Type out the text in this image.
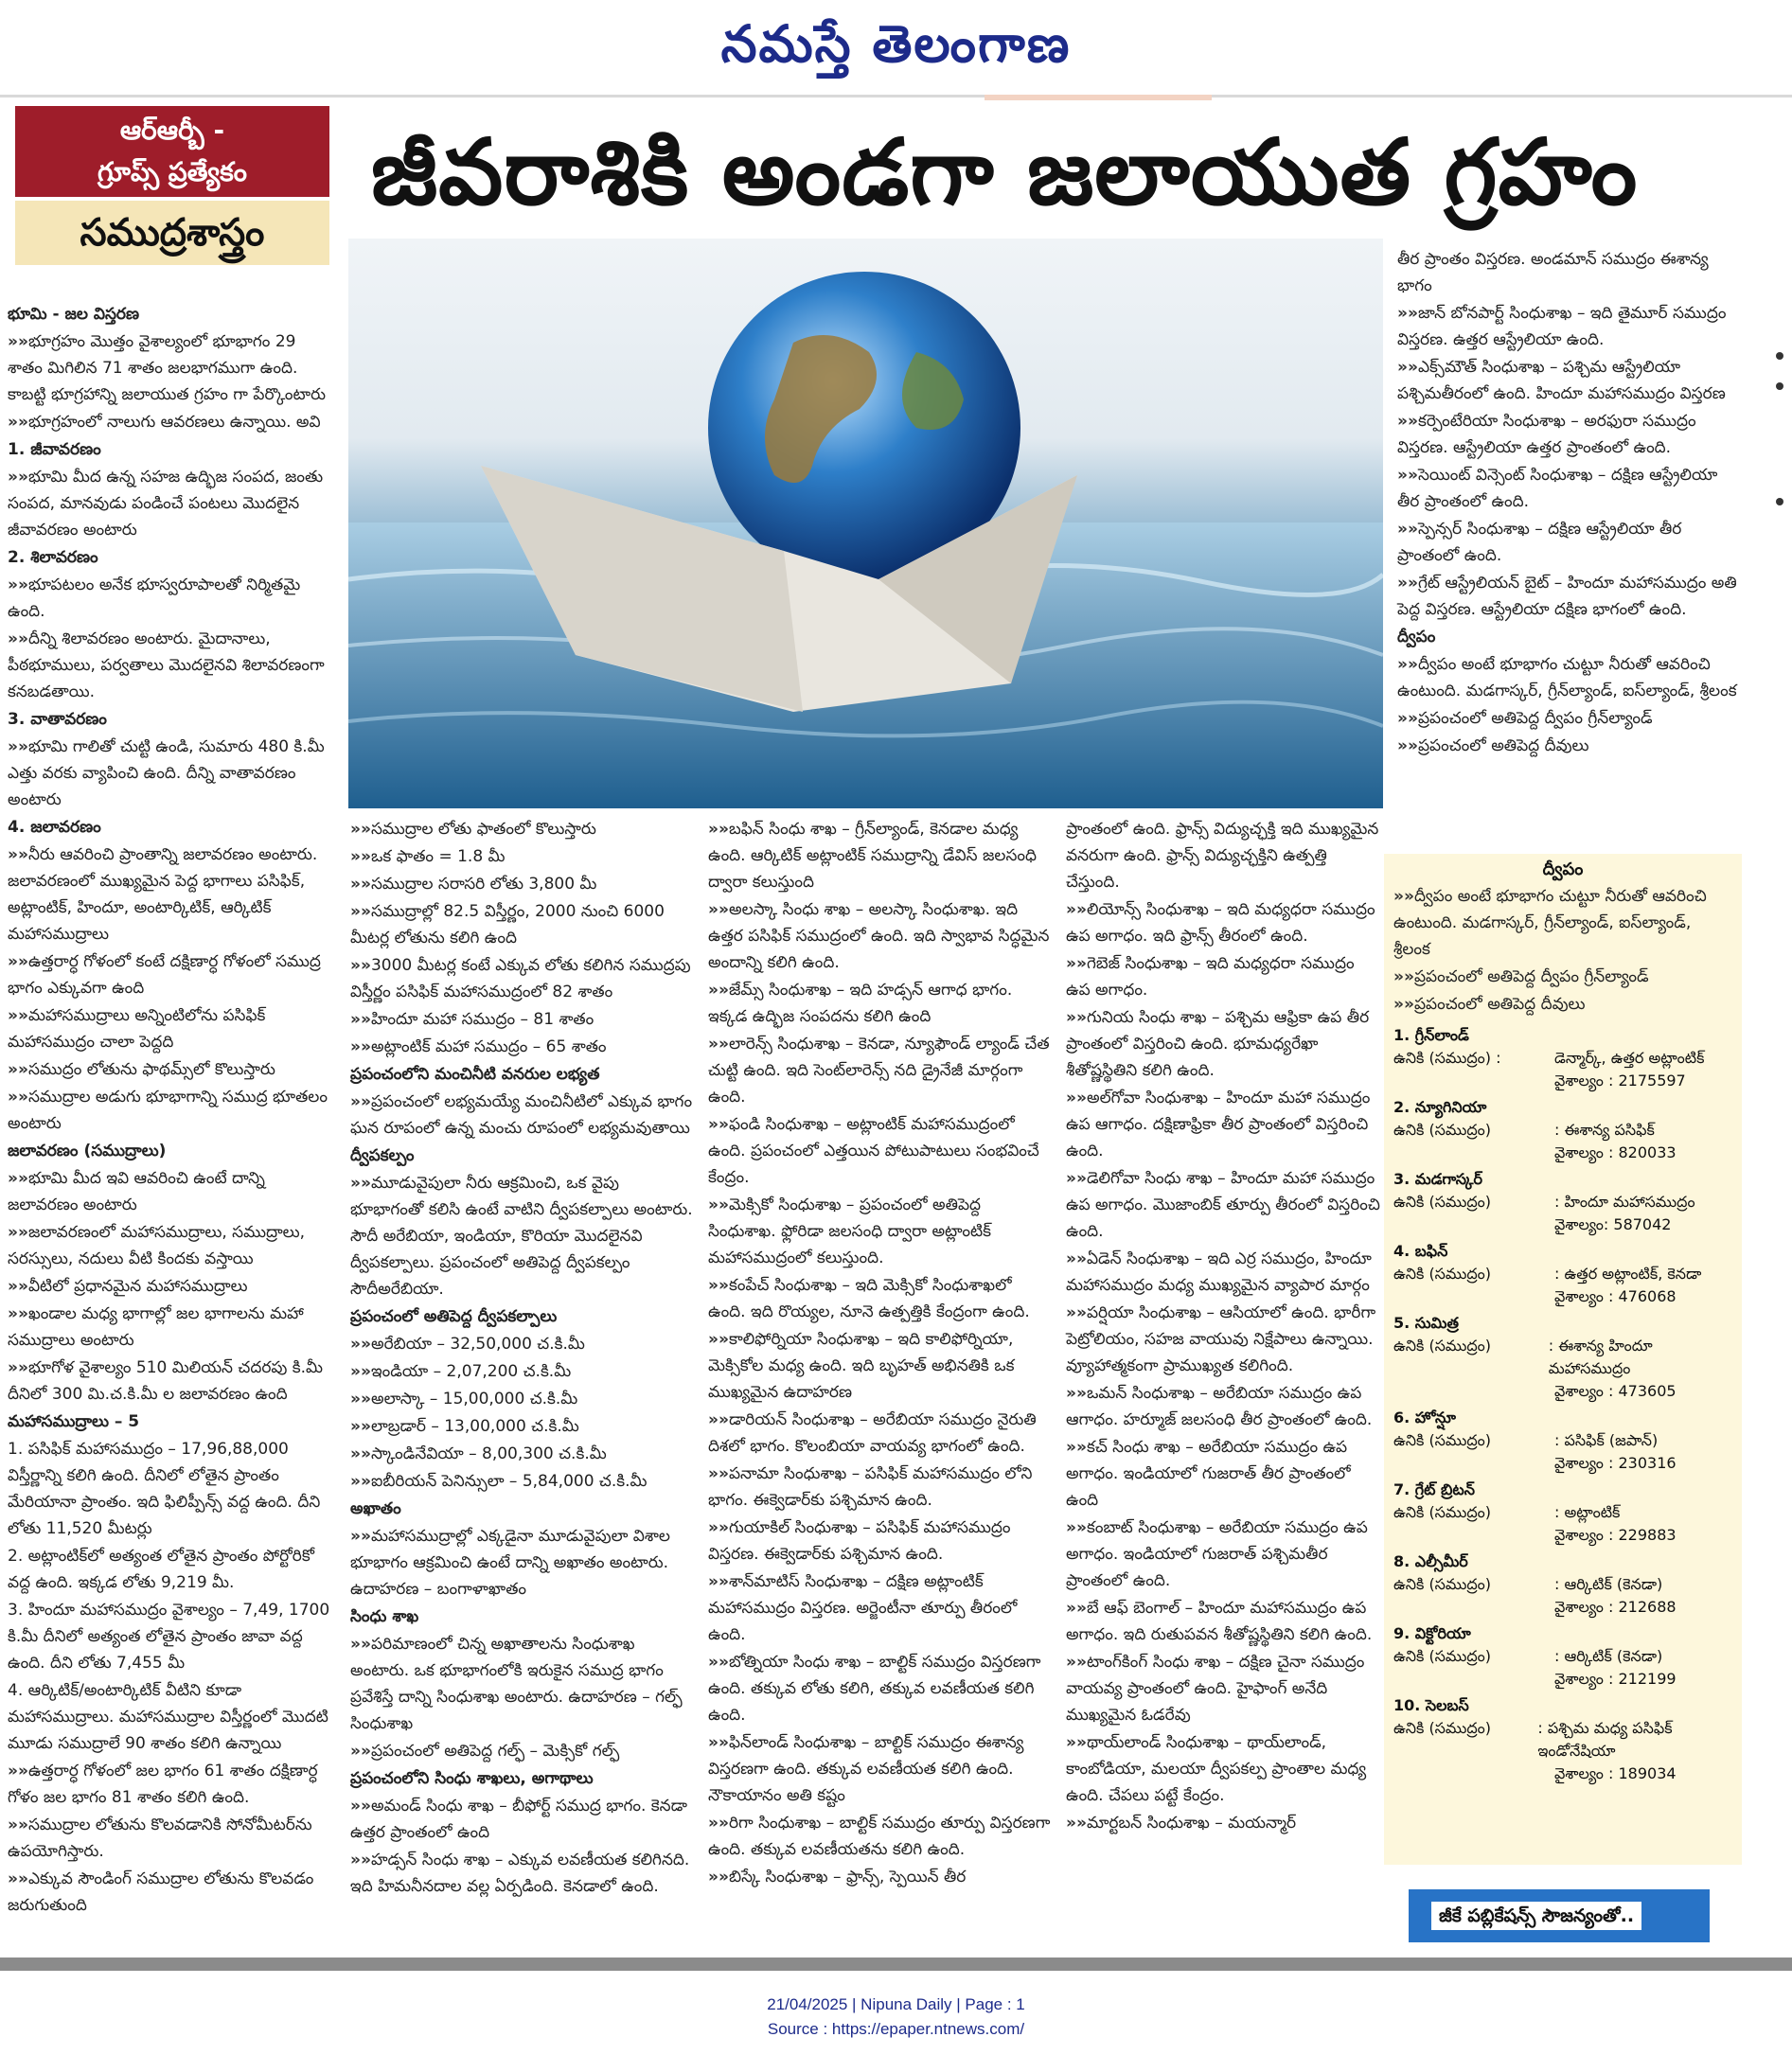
నమస్తే తెలంగాణ
ఆర్ఆర్బీ -
గ్రూప్స్ ప్రత్యేకం
సముద్రశాస్త్రం
జీవరాశికి అండగా జలాయుత గ్రహం

భూమి - జల విస్తరణ

»» భూగ్రహం మొత్తం వైశాల్యంలో భూభాగం 29 శాతం మిగిలిన 71 శాతం జలభాగముగా ఉంది. కాబట్టి భూగ్రహాన్ని జలాయుత గ్రహం గా పేర్కొంటారు

»» భూగ్రహంలో నాలుగు ఆవరణలు ఉన్నాయి. అవి

1. జీవావరణం

»» భూమి మీద ఉన్న సహజ ఉద్భిజ సంపద, జంతు సంపద, మానవుడు పండించే పంటలు మొదలైన జీవావరణం అంటారు

2. శిలావరణం

»» భూపటలం అనేక భూస్వరూపాలతో నిర్మితమై ఉంది.

»» దీన్ని శిలావరణం అంటారు. మైదానాలు, పీఠభూములు, పర్వతాలు మొదలైనవి శిలావరణంగా కనబడతాయి.

3. వాతావరణం

»» భూమి గాలితో చుట్టి ఉండి, సుమారు 480 కి.మీ ఎత్తు వరకు వ్యాపించి ఉంది. దీన్ని వాతావరణం అంటారు

4. జలావరణం

»» నీరు ఆవరించి ప్రాంతాన్ని జలావరణం అంటారు. జలావరణంలో ముఖ్యమైన పెద్ద భాగాలు పసిఫిక్, అట్లాంటిక్, హిందూ, అంటార్కిటిక్, ఆర్కిటిక్ మహాసముద్రాలు

»» ఉత్తరార్ధ గోళంలో కంటే దక్షిణార్ధ గోళంలో సముద్ర భాగం ఎక్కువగా ఉంది

»» మహాసముద్రాలు అన్నింటిలోను పసిఫిక్ మహాసముద్రం చాలా పెద్దది

»» సముద్రం లోతును ఫాథమ్స్‌లో కొలుస్తారు

»» సముద్రాల అడుగు భూభాగాన్ని సముద్ర భూతలం అంటారు

జలావరణం (సముద్రాలు)

»» భూమి మీద ఇవి ఆవరించి ఉంటే దాన్ని జలావరణం అంటారు

»» జలావరణంలో మహాసముద్రాలు, సముద్రాలు, సరస్సులు, నదులు వీటి కిందకు వస్తాయి

»» వీటిలో ప్రధానమైన మహాసముద్రాలు

»» ఖండాల మధ్య భాగాల్లో జల భాగాలను మహా సముద్రాలు అంటారు

»» భూగోళ వైశాల్యం 510 మిలియన్ చదరపు కి.మీ దీనిలో 300 మి.చ.కి.మీ ల జలావరణం ఉంది

మహాసముద్రాలు – 5

1. పసిఫిక్ మహాసముద్రం – 17,96,88,000 విస్తీర్ణాన్ని కలిగి ఉంది. దీనిలో లోతైన ప్రాంతం మేరియానా ప్రాంతం. ఇది ఫిలిప్పీన్స్ వద్ద ఉంది. దీని లోతు 11,520 మీటర్లు

2. అట్లాంటిక్‌లో అత్యంత లోతైన ప్రాంతం పోర్టోరికో వద్ద ఉంది. ఇక్కడ లోతు 9,219 మీ.

3. హిందూ మహాసముద్రం వైశాల్యం – 7,49, 1700 కి.మీ దీనిలో అత్యంత లోతైన ప్రాంతం జావా వద్ద ఉంది. దీని లోతు 7,455 మీ

4. ఆర్కిటిక్/అంటార్కిటిక్ వీటిని కూడా మహాసముద్రాలు. మహాసముద్రాల విస్తీర్ణంలో మొదటి మూడు సముద్రాలే 90 శాతం కలిగి ఉన్నాయి

»» ఉత్తరార్ధ గోళంలో జల భాగం 61 శాతం దక్షిణార్ధ గోళం జల భాగం 81 శాతం కలిగి ఉంది.

»» సముద్రాల లోతును కొలవడానికి సోనోమీటర్‌ను ఉపయోగిస్తారు.

»» ఎక్కువ సౌండింగ్ సముద్రాల లోతును కొలవడం జరుగుతుంది

»» సముద్రాల లోతు ఫాతంలో కొలుస్తారు

»» ఒక ఫాతం = 1.8 మీ

»» సముద్రాల సరాసరి లోతు 3,800 మీ

»» సముద్రాల్లో 82.5 విస్తీర్ణం, 2000 నుంచి 6000 మీటర్ల లోతును కలిగి ఉంది

»» 3000 మీటర్ల కంటే ఎక్కువ లోతు కలిగిన సముద్రపు విస్తీర్ణం పసిఫిక్ మహాసముద్రంలో 82 శాతం

»» హిందూ మహా సముద్రం – 81 శాతం

»» అట్లాంటిక్ మహా సముద్రం – 65 శాతం

ప్రపంచంలోని మంచినీటి వనరుల లభ్యత

»» ప్రపంచంలో లభ్యమయ్యే మంచినీటిలో ఎక్కువ భాగం ఘన రూపంలో ఉన్న మంచు రూపంలో లభ్యమవుతాయి

ద్వీపకల్పం

»» మూడువైపులా నీరు ఆక్రమించి, ఒక వైపు భూభాగంతో కలిసి ఉంటే వాటిని ద్వీపకల్పాలు అంటారు. సౌదీ అరేబియా, ఇండియా, కొరియా మొదలైనవి ద్వీపకల్పాలు. ప్రపంచంలో అతిపెద్ద ద్వీపకల్పం సౌదీఅరేబియా.

ప్రపంచంలో అతిపెద్ద ద్వీపకల్పాలు

»» అరేబియా – 32,50,000 చ.కి.మీ

»» ఇండియా – 2,07,200 చ.కి.మీ

»» అలాస్కా – 15,00,000 చ.కి.మీ

»» లాబ్రడార్ – 13,00,000 చ.కి.మీ

»» స్కాండినేవియా – 8,00,300 చ.కి.మీ

»» ఐబీరియన్ పెనిన్సులా – 5,84,000 చ.కి.మీ

అఖాతం

»» మహాసముద్రాల్లో ఎక్కడైనా మూడువైపులా విశాల భూభాగం ఆక్రమించి ఉంటే దాన్ని అఖాతం అంటారు. ఉదాహరణ – బంగాళాఖాతం

సింధు శాఖ

»» పరిమాణంలో చిన్న అఖాతాలను సింధుశాఖ అంటారు. ఒక భూభాగంలోకి ఇరుకైన సముద్ర భాగం ప్రవేశిస్తే దాన్ని సింధుశాఖ అంటారు. ఉదాహరణ – గల్ఫ్ సింధుశాఖ

»» ప్రపంచంలో అతిపెద్ద గల్ఫ్ – మెక్సికో గల్ఫ్

ప్రపంచంలోని సింధు శాఖలు, అగాథాలు

»» అమండ్ సింధు శాఖ – బీఫోర్ట్ సముద్ర భాగం. కెనడా ఉత్తర ప్రాంతంలో ఉంది

»» హడ్సన్ సింధు శాఖ – ఎక్కువ లవణీయత కలిగినది. ఇది హిమనీనదాల వల్ల ఏర్పడింది. కెనడాలో ఉంది.

»» బఫిన్ సింధు శాఖ – గ్రీన్‌ల్యాండ్, కెనడాల మధ్య ఉంది. ఆర్కిటిక్ అట్లాంటిక్ సముద్రాన్ని డేవిస్ జలసంధి ద్వారా కలుస్తుంది

»» అలస్కా సింధు శాఖ – అలస్కా సింధుశాఖ. ఇది ఉత్తర పసిఫిక్ సముద్రంలో ఉంది. ఇది స్వాభావ సిద్ధమైన అందాన్ని కలిగి ఉంది.

»» జేమ్స్ సింధుశాఖ – ఇది హడ్సన్ ఆగాధ భాగం. ఇక్కడ ఉద్భిజ సంపదను కలిగి ఉంది

»» లారెన్స్ సింధుశాఖ – కెనడా, న్యూఫౌండ్ ల్యాండ్ చేత చుట్టి ఉంది. ఇది సెంట్‌లారెన్స్ నది డ్రైనేజీ మార్గంగా ఉంది.

»» ఫండి సింధుశాఖ – అట్లాంటిక్ మహాసముద్రంలో ఉంది. ప్రపంచంలో ఎత్తయిన పోటుపాటులు సంభవించే కేంద్రం.

»» మెక్సికో సింధుశాఖ – ప్రపంచంలో అతిపెద్ద సింధుశాఖ. ఫ్లోరిడా జలసంధి ద్వారా అట్లాంటిక్ మహాసముద్రంలో కలుస్తుంది.

»» కంపేచ్ సింధుశాఖ – ఇది మెక్సికో సింధుశాఖలో ఉంది. ఇది రొయ్యల, నూనె ఉత్పత్తికి కేంద్రంగా ఉంది.

»» కాలిఫోర్నియా సింధుశాఖ – ఇది కాలిఫోర్నియా, మెక్సికోల మధ్య ఉంది. ఇది బృహత్ అభినతికి ఒక ముఖ్యమైన ఉదాహరణ

»» డారియన్ సింధుశాఖ – అరేబియా సముద్రం నైరుతి దిశలో భాగం. కొలంబియా వాయవ్య భాగంలో ఉంది.

»» పనామా సింధుశాఖ – పసిఫిక్ మహాసముద్రం లోని భాగం. ఈక్వెడార్‌కు పశ్చిమాన ఉంది.

»» గుయాకిల్ సింధుశాఖ – పసిఫిక్ మహాసముద్రం విస్తరణ. ఈక్వెడార్‌కు పశ్చిమాన ఉంది.

»» శాన్‌మాటిస్ సింధుశాఖ – దక్షిణ అట్లాంటిక్ మహాసముద్రం విస్తరణ. అర్జెంటీనా తూర్పు తీరంలో ఉంది.

»» బోత్నియా సింధు శాఖ – బాల్టిక్ సముద్రం విస్తరణగా ఉంది. తక్కువ లోతు కలిగి, తక్కువ లవణీయత కలిగి ఉంది.

»» ఫిన్‌లాండ్ సింధుశాఖ – బాల్టిక్ సముద్రం ఈశాన్య విస్తరణగా ఉంది. తక్కువ లవణీయత కలిగి ఉంది. నౌకాయానం అతి కష్టం

»» రిగా సింధుశాఖ – బాల్టిక్ సముద్రం తూర్పు విస్తరణగా ఉంది. తక్కువ లవణీయతను కలిగి ఉంది.

»» బిస్కే సింధుశాఖ – ఫ్రాన్స్, స్పెయిన్ తీర

ప్రాంతంలో ఉంది. ఫ్రాన్స్ విద్యుచ్ఛక్తి ఇది ముఖ్యమైన వనరుగా ఉంది. ఫ్రాన్స్ విద్యుచ్ఛక్తిని ఉత్పత్తి చేస్తుంది.

»» లియోన్స్ సింధుశాఖ – ఇది మధ్యధరా సముద్రం ఉప అగాధం. ఇది ఫ్రాన్స్ తీరంలో ఉంది.

»» గెబెజ్ సింధుశాఖ – ఇది మధ్యధరా సముద్రం ఉప అగాధం.

»» గునియ సింధు శాఖ – పశ్చిమ ఆఫ్రికా ఉప తీర ప్రాంతంలో విస్తరించి ఉంది. భూమధ్యరేఖా శీతోష్ణస్థితిని కలిగి ఉంది.

»» అల్‌గోవా సింధుశాఖ – హిందూ మహా సముద్రం ఉప ఆగాధం. దక్షిణాఫ్రికా తీర ప్రాంతంలో విస్తరించి ఉంది.

»» డెలిగోవా సింధు శాఖ – హిందూ మహా సముద్రం ఉప అగాధం. మొజాంబిక్ తూర్పు తీరంలో విస్తరించి ఉంది.

»» ఏడెన్ సింధుశాఖ – ఇది ఎర్ర సముద్రం, హిందూ మహాసముద్రం మధ్య ముఖ్యమైన వ్యాపార మార్గం

»» పర్షియా సింధుశాఖ – ఆసియాలో ఉంది. భారీగా పెట్రోలియం, సహజ వాయువు నిక్షేపాలు ఉన్నాయి. వ్యూహాత్మకంగా ప్రాముఖ్యత కలిగింది.

»» ఒమన్ సింధుశాఖ – అరేబియా సముద్రం ఉప ఆగాధం. హర్మూజ్ జలసంధి తీర ప్రాంతంలో ఉంది.

»» కచ్ సింధు శాఖ – అరేబియా సముద్రం ఉప అగాధం. ఇండియాలో గుజరాత్ తీర ప్రాంతంలో ఉంది

»» కంబాట్ సింధుశాఖ – అరేబియా సముద్రం ఉప అగాధం. ఇండియాలో గుజరాత్ పశ్చిమతీర ప్రాంతంలో ఉంది.

»» బే ఆఫ్ బెంగాల్ – హిందూ మహాసముద్రం ఉప అగాధం. ఇది రుతుపవన శీతోష్ణస్థితిని కలిగి ఉంది.

»» టాంగ్‌కింగ్ సింధు శాఖ – దక్షిణ చైనా సముద్రం వాయవ్య ప్రాంతంలో ఉంది. హైఫాంగ్ అనేది ముఖ్యమైన ఓడరేవు

»» థాయ్‌లాండ్ సింధుశాఖ – థాయ్‌లాండ్, కాంబోడియా, మలయా ద్వీపకల్ప ప్రాంతాల మధ్య ఉంది. చేపలు పట్టే కేంద్రం.

»» మార్టబన్ సింధుశాఖ – మయన్మార్

తీర ప్రాంతం విస్తరణ. అండమాన్ సముద్రం ఈశాన్య భాగం

»» జాన్ బోనపార్ట్ సింధుశాఖ – ఇది తైమూర్ సముద్రం విస్తరణ. ఉత్తర ఆస్ట్రేలియా ఉంది.

»» ఎక్స్‌మౌత్ సింధుశాఖ – పశ్చిమ ఆస్ట్రేలియా పశ్చిమతీరంలో ఉంది. హిందూ మహాసముద్రం విస్తరణ

»» కర్పెంటేరియా సింధుశాఖ – అరఫురా సముద్రం విస్తరణ. ఆస్ట్రేలియా ఉత్తర ప్రాంతంలో ఉంది.

»» సెయింట్ విన్సెంట్ సింధుశాఖ – దక్షిణ ఆస్ట్రేలియా తీర ప్రాంతంలో ఉంది.

»» స్పెన్సర్ సింధుశాఖ – దక్షిణ ఆస్ట్రేలియా తీర ప్రాంతంలో ఉంది.

»» గ్రేట్ ఆస్ట్రేలియన్ బైట్ – హిందూ మహాసముద్రం అతి పెద్ద విస్తరణ. ఆస్ట్రేలియా దక్షిణ భాగంలో ఉంది.

ద్వీపం

»» ద్వీపం అంటే భూభాగం చుట్టూ నీరుతో ఆవరించి ఉంటుంది. మడగాస్కర్, గ్రీన్‌ల్యాండ్, ఐస్‌ల్యాండ్, శ్రీలంక

»» ప్రపంచంలో అతిపెద్ద ద్వీపం గ్రీన్‌ల్యాండ్

»» ప్రపంచంలో అతిపెద్ద దీవులు

ద్వీపం

»» ద్వీపం అంటే భూభాగం చుట్టూ నీరుతో ఆవరించి ఉంటుంది. మడగాస్కర్, గ్రీన్‌ల్యాండ్, ఐస్‌ల్యాండ్, శ్రీలంక

»» ప్రపంచంలో అతిపెద్ద ద్వీపం గ్రీన్‌ల్యాండ్

»» ప్రపంచంలో అతిపెద్ద దీవులు

1. గ్రీన్‌లాండ్
ఉనికి (సముద్రం) :	డెన్మార్క్, ఉత్తర అట్లాంటిక్
వైశాల్యం : 2175597
2. న్యూగినియా
ఉనికి (సముద్రం)	: ఈశాన్య పసిఫిక్
వైశాల్యం : 820033
3. మడగాస్కర్
ఉనికి (సముద్రం)	: హిందూ మహాసముద్రం
వైశాల్యం: 587042
4. బఫిన్
ఉనికి (సముద్రం)	: ఉత్తర అట్లాంటిక్, కెనడా
వైశాల్యం : 476068
5. సుమిత్ర
ఉనికి (సముద్రం)	: ఈశాన్య హిందూ మహాసముద్రం
వైశాల్యం : 473605
6. హోన్షూ
ఉనికి (సముద్రం)	: పసిఫిక్ (జపాన్)
వైశాల్యం : 230316
7. గ్రేట్ బ్రిటన్
ఉనికి (సముద్రం)	: అట్లాంటిక్
వైశాల్యం : 229883
8. ఎల్సీమీర్
ఉనికి (సముద్రం)	: ఆర్కిటిక్ (కెనడా)
వైశాల్యం : 212688
9. విక్టోరియా
ఉనికి (సముద్రం)	: ఆర్కిటిక్ (కెనడా)
వైశాల్యం : 212199
10. సెలబస్
ఉనికి (సముద్రం)	: పశ్చిమ మధ్య పసిఫిక్ ఇండోనేషియా
వైశాల్యం : 189034
జీకే పబ్లికేషన్స్ సౌజన్యంతో..
21/04/2025 | Nipuna Daily | Page : 1
Source : https://epaper.ntnews.com/
